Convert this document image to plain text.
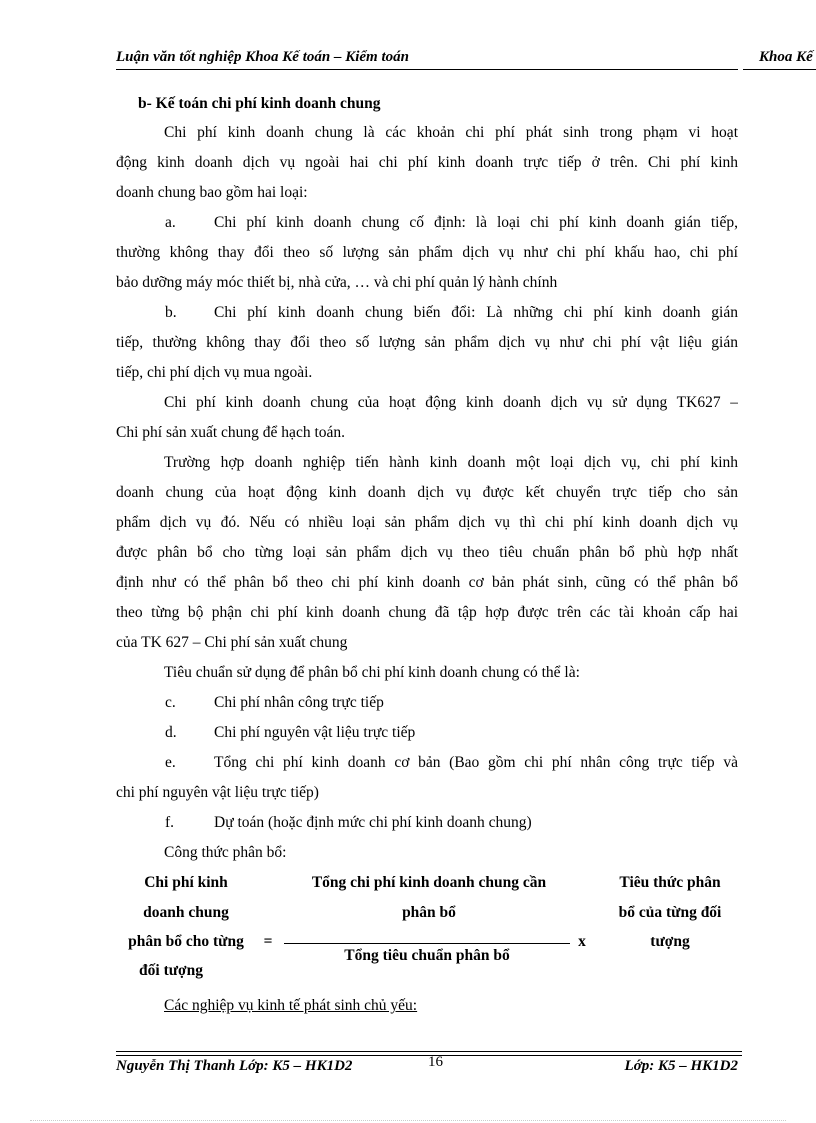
Luận văn tốt nghiệp Khoa Kế toán – Kiểm toán	Khoa Kế
b- Kế toán chi phí kinh doanh chung
Chi phí kinh doanh chung là các khoản chi phí phát sinh trong phạm vi hoạt
động kinh doanh dịch vụ ngoài hai chi phí kinh doanh trực tiếp ở trên. Chi phí kinh
doanh chung bao gồm hai loại:
a. Chi phí kinh doanh chung cố định: là loại chi phí kinh doanh gián tiếp,
thường không thay đổi theo số lượng sản phẩm dịch vụ như chi phí khấu hao, chi phí
bảo dưỡng máy móc thiết bị, nhà cửa, … và chi phí quản lý hành chính
b. Chi phí kinh doanh chung biến đổi: Là những chi phí kinh doanh gián
tiếp, thường không thay đổi theo số lượng sản phẩm dịch vụ như chi phí vật liệu gián
tiếp, chi phí dịch vụ mua ngoài.
Chi phí kinh doanh chung của hoạt động kinh doanh dịch vụ sử dụng TK627 –
Chi phí sản xuất chung để hạch toán.
Trường hợp doanh nghiệp tiến hành kinh doanh một loại dịch vụ, chi phí kinh
doanh chung của hoạt động kinh doanh dịch vụ được kết chuyển trực tiếp cho sản
phẩm dịch vụ đó. Nếu có nhiều loại sản phẩm dịch vụ thì chi phí kinh doanh dịch vụ
được phân bổ cho từng loại sản phẩm dịch vụ theo tiêu chuẩn phân bổ phù hợp nhất
định như có thể phân bổ theo chi phí kinh doanh cơ bản phát sinh, cũng có thể phân bổ
theo từng bộ phận chi phí kinh doanh chung đã tập hợp được trên các tài khoản cấp hai
của TK 627 – Chi phí sản xuất chung
Tiêu chuẩn sử dụng để phân bổ chi phí kinh doanh chung có thể là:
c. Chi phí nhân công trực tiếp
d. Chi phí nguyên vật liệu trực tiếp
e. Tổng chi phí kinh doanh cơ bản (Bao gồm chi phí nhân công trực tiếp và
chi phí nguyên vật liệu trực tiếp)
f.	Dự toán (hoặc định mức chi phí kinh doanh chung)
Công thức phân bổ:
Chi phí kinh
doanh chung
phân bổ cho từng
đối tượng
=
Tổng chi phí kinh doanh chung cần
phân bổ
Tổng tiêu chuẩn phân bổ
x
Tiêu thức phân
bổ của từng đối
tượng
Các nghiệp vụ kinh tế phát sinh chủ yếu:
Nguyễn Thị Thanh Lớp: K5 – HK1D2	16	Lớp: K5 – HK1D2
